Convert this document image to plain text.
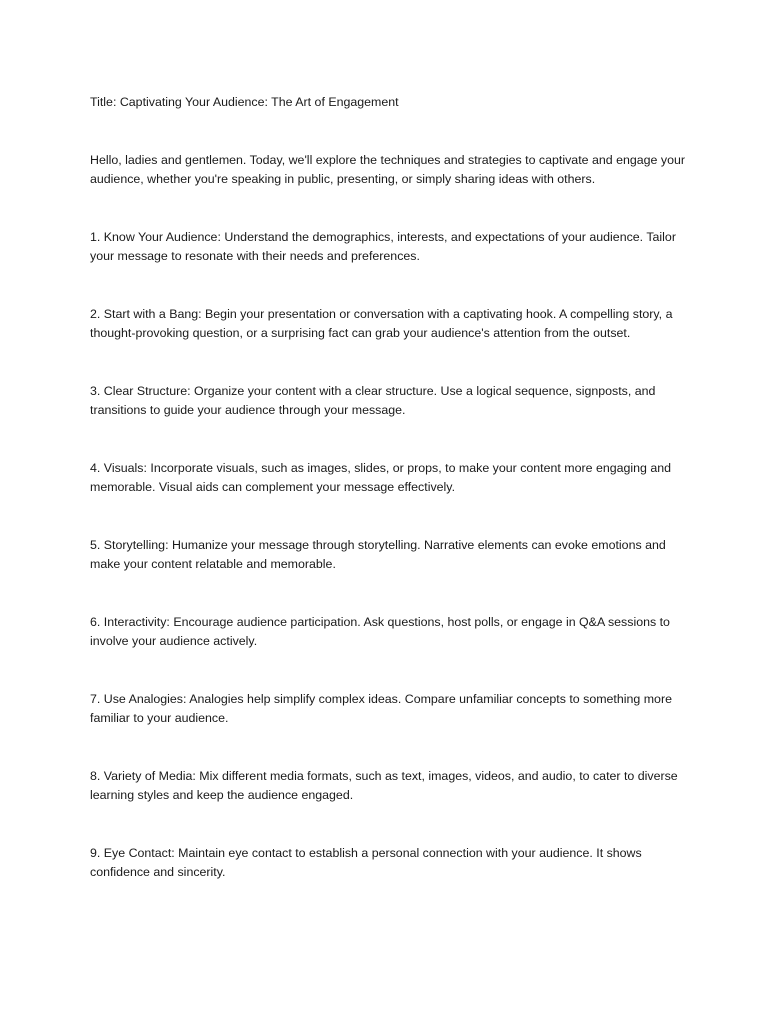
Title: Captivating Your Audience: The Art of Engagement

Hello, ladies and gentlemen. Today, we'll explore the techniques and strategies to captivate and engage your audience, whether you're speaking in public, presenting, or simply sharing ideas with others.

1. Know Your Audience: Understand the demographics, interests, and expectations of your audience. Tailor your message to resonate with their needs and preferences.

2. Start with a Bang: Begin your presentation or conversation with a captivating hook. A compelling story, a thought-provoking question, or a surprising fact can grab your audience's attention from the outset.

3. Clear Structure: Organize your content with a clear structure. Use a logical sequence, signposts, and transitions to guide your audience through your message.

4. Visuals: Incorporate visuals, such as images, slides, or props, to make your content more engaging and memorable. Visual aids can complement your message effectively.

5. Storytelling: Humanize your message through storytelling. Narrative elements can evoke emotions and make your content relatable and memorable.

6. Interactivity: Encourage audience participation. Ask questions, host polls, or engage in Q&A sessions to involve your audience actively.

7. Use Analogies: Analogies help simplify complex ideas. Compare unfamiliar concepts to something more familiar to your audience.

8. Variety of Media: Mix different media formats, such as text, images, videos, and audio, to cater to diverse learning styles and keep the audience engaged.

9. Eye Contact: Maintain eye contact to establish a personal connection with your audience. It shows confidence and sincerity.
